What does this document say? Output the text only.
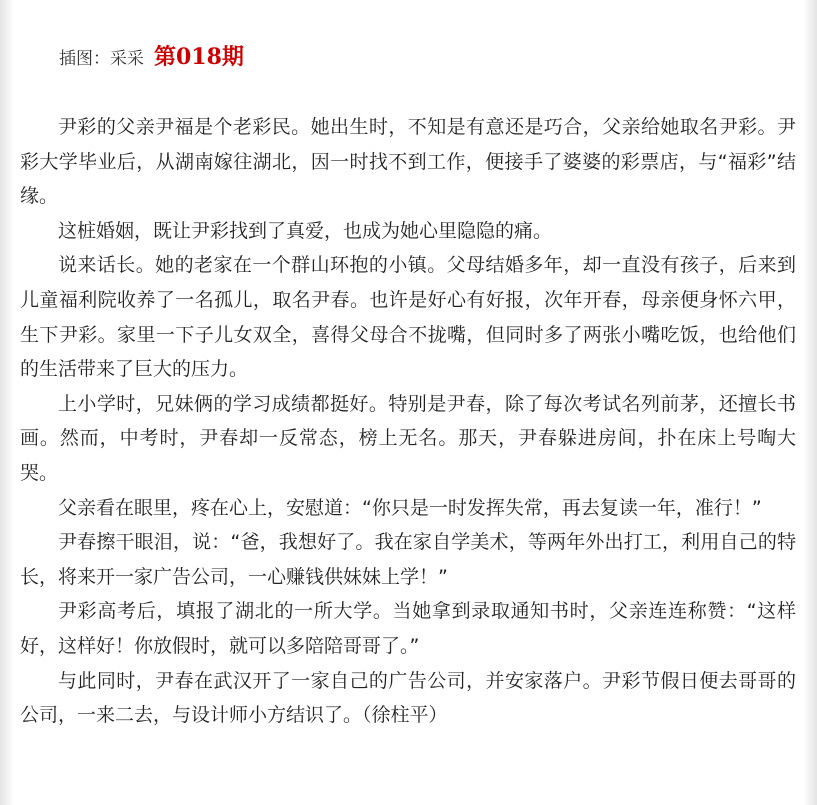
插图：采采 第018期

尹彩的父亲尹福是个老彩民。她出生时，不知是有意还是巧合，父亲给她取名尹彩。尹彩大学毕业后，从湖南嫁往湖北，因一时找不到工作，便接手了婆婆的彩票店，与“福彩”结缘。

这桩婚姻，既让尹彩找到了真爱，也成为她心里隐隐的痛。

说来话长。她的老家在一个群山环抱的小镇。父母结婚多年，却一直没有孩子，后来到儿童福利院收养了一名孤儿，取名尹春。也许是好心有好报，次年开春，母亲便身怀六甲，生下尹彩。家里一下子儿女双全，喜得父母合不拢嘴，但同时多了两张小嘴吃饭，也给他们的生活带来了巨大的压力。

上小学时，兄妹俩的学习成绩都挺好。特别是尹春，除了每次考试名列前茅，还擅长书画。然而，中考时，尹春却一反常态，榜上无名。那天，尹春躲进房间，扑在床上号啕大哭。

父亲看在眼里，疼在心上，安慰道：“你只是一时发挥失常，再去复读一年，准行！”

尹春擦干眼泪，说：“爸，我想好了。我在家自学美术，等两年外出打工，利用自己的特长，将来开一家广告公司，一心赚钱供妹妹上学！”

尹彩高考后，填报了湖北的一所大学。当她拿到录取通知书时，父亲连连称赞：“这样好，这样好！你放假时，就可以多陪陪哥哥了。”

与此同时，尹春在武汉开了一家自己的广告公司，并安家落户。尹彩节假日便去哥哥的公司，一来二去，与设计师小方结识了。（徐柱平）
